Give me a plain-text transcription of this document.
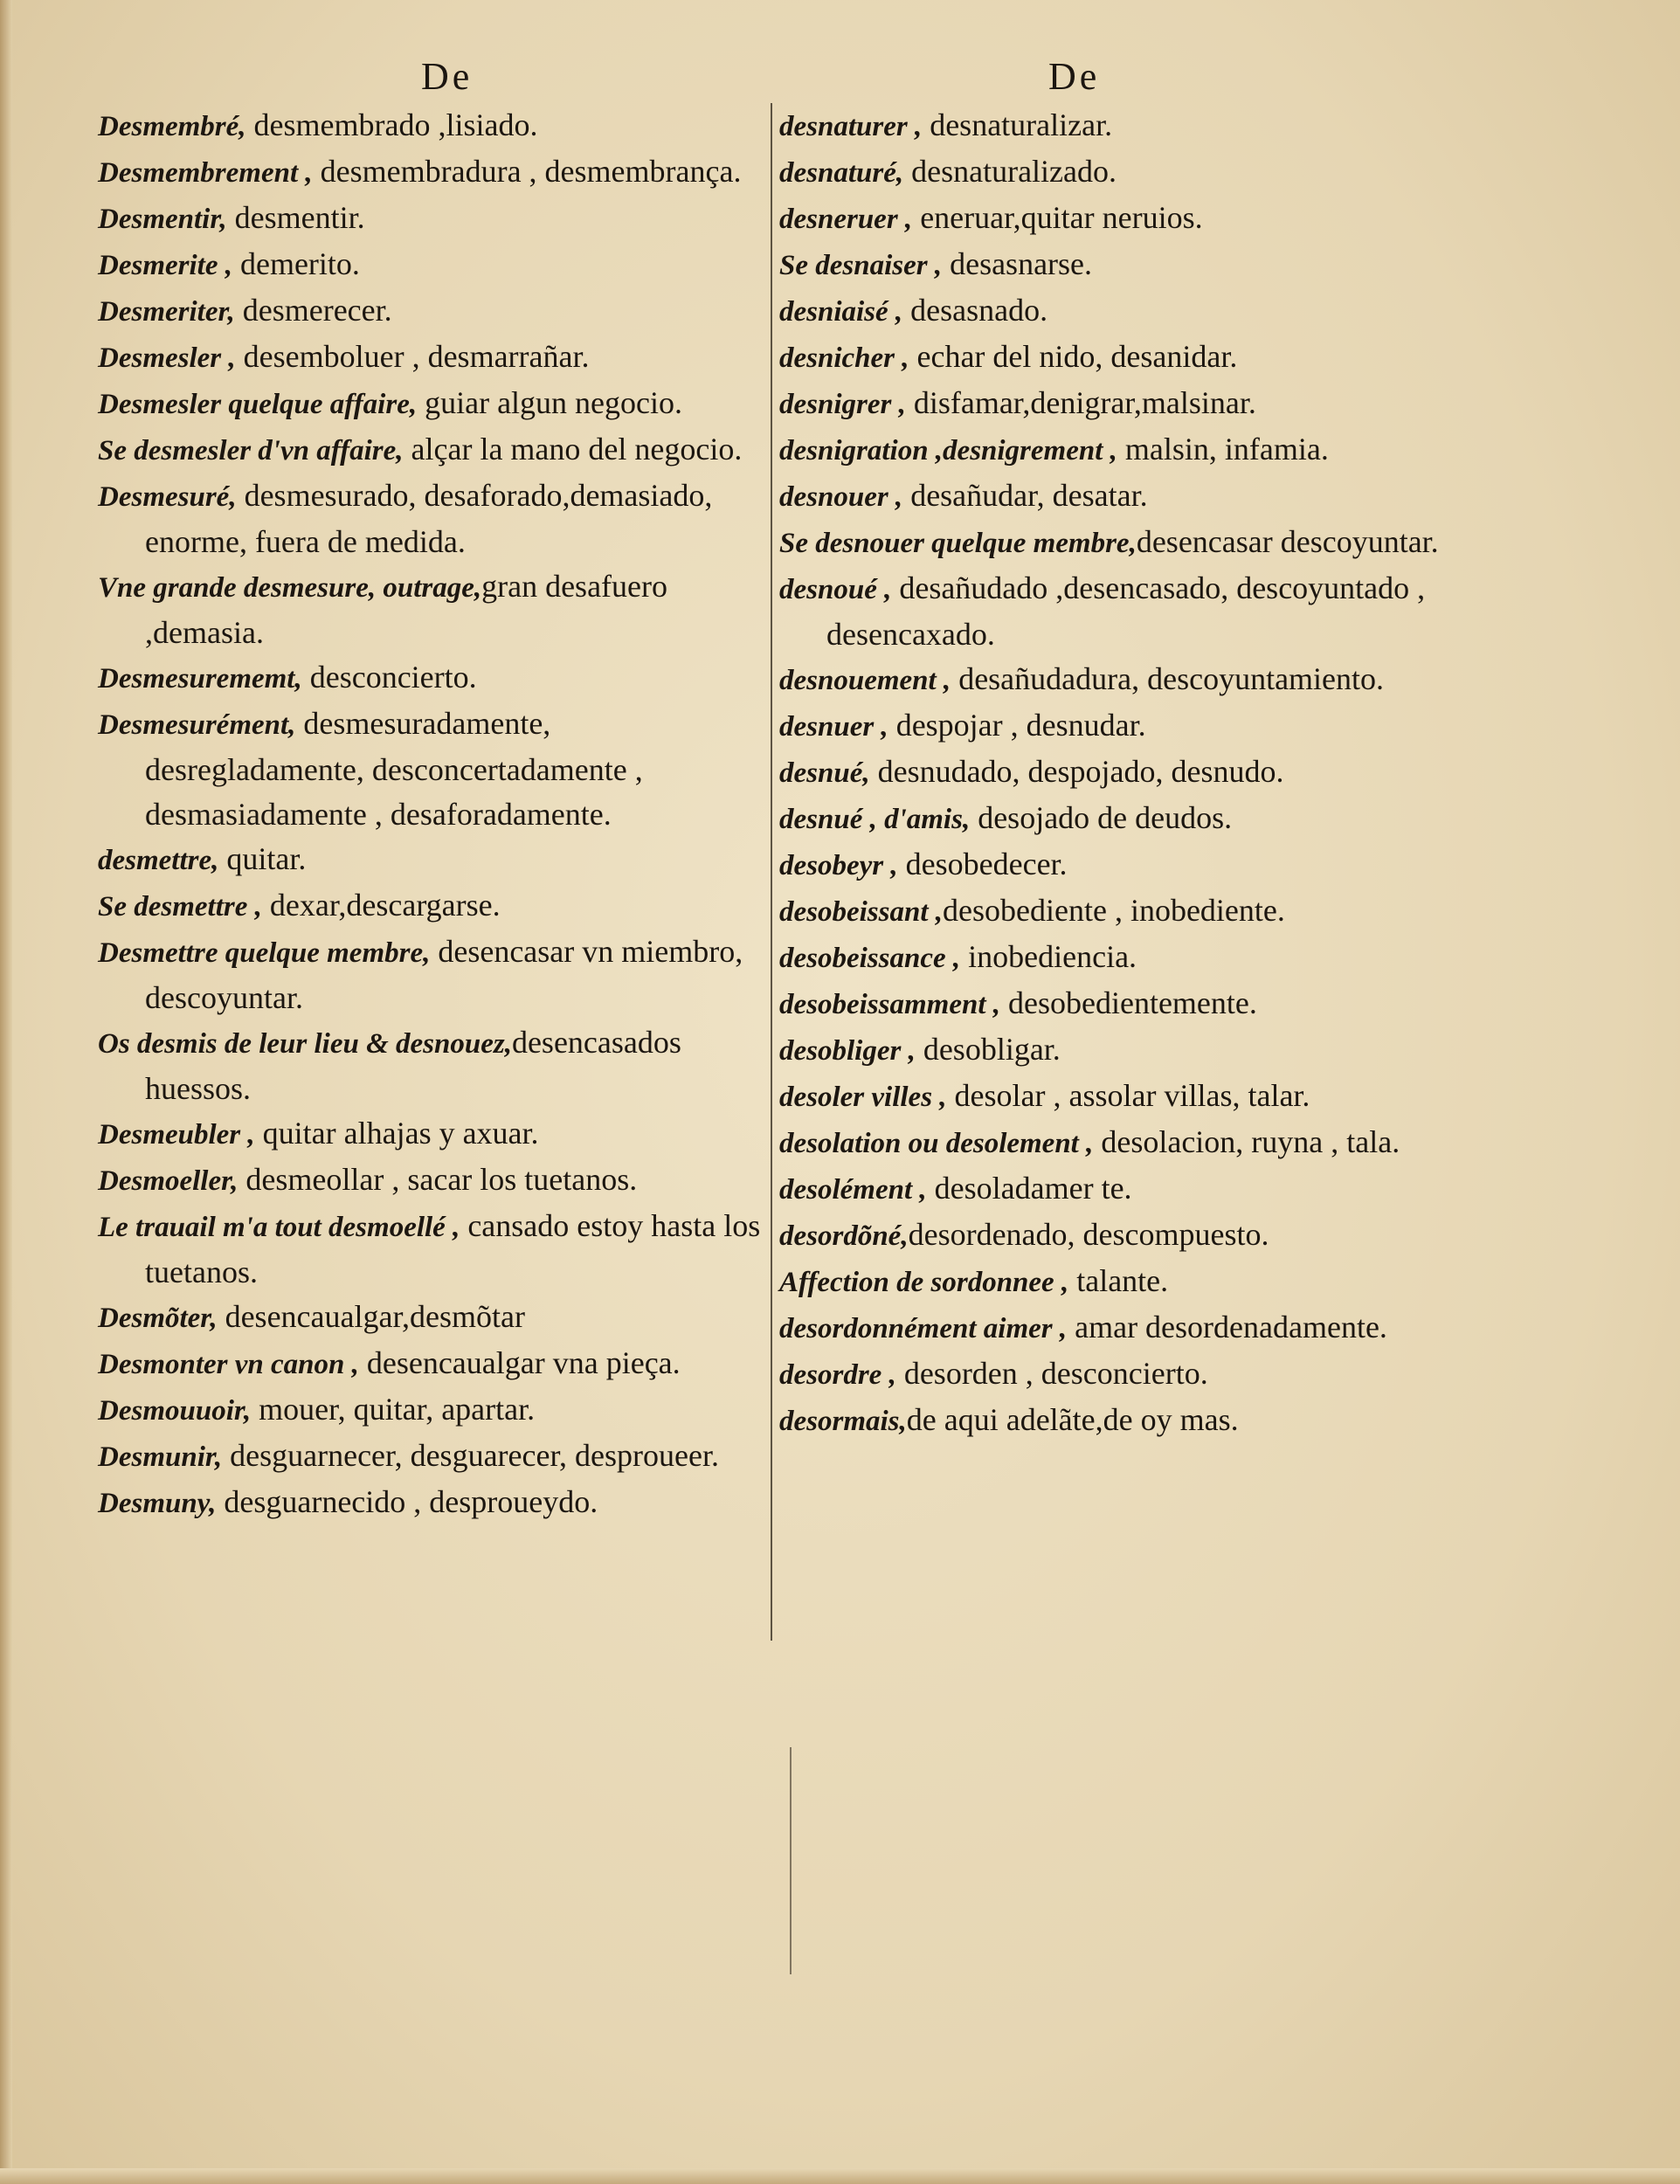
De	De
Desmembré, desmembrado ,lisiado.
Desmembrement , desmembradura , desmembrança.
Desmentir, desmentir.
Desmerite , demerito.
Desmeriter, desmerecer.
Desmesler , desemboluer , desmarrañar.
Desmesler quelque affaire, guiar algun negocio.
Se desmesler d'vn affaire, alçar la mano del negocio.
Desmesuré, desmesurado, desaforado,demasiado, enorme, fuera de medida.
Vne grande desmesure, outrage,gran desafuero ,demasia.
Desmesurememt, desconcierto.
Desmesurément, desmesuradamente, desregladamente, desconcertadamente , desmasiadamente , desaforadamente.
desmettre, quitar.
Se desmettre , dexar,descargarse.
Desmettre quelque membre, desencasar vn miembro, descoyuntar.
Os desmis de leur lieu & desnouez,desencasados huessos.
Desmeubler , quitar alhajas y axuar.
Desmoeller, desmeollar , sacar los tuetanos.
Le trauail m'a tout desmoellé , cansado estoy hasta los tuetanos.
Desmõter, desencaualgar,desmõtar
Desmonter vn canon , desencaualgar vna pieça.
Desmouuoir, mouer, quitar, apartar.
Desmunir, desguarnecer, desguarecer, desproueer.
Desmuny, desguarnecido , desproueydo.
desnaturer , desnaturalizar.
desnaturé, desnaturalizado.
desneruer , eneruar,quitar neruios.
Se desnaiser , desasnarse.
desniaisé , desasnado.
desnicher , echar del nido, desanidar.
desnigrer , disfamar,denigrar,malsinar.
desnigration ,desnigrement , malsin, infamia.
desnouer , desañudar, desatar.
Se desnouer quelque membre,desencasar descoyuntar.
desnoué , desañudado ,desencasado, descoyuntado , desencaxado.
desnouement , desañudadura, descoyuntamiento.
desnuer , despojar , desnudar.
desnué, desnudado, despojado, desnudo.
desnué , d'amis, desojado de deudos.
desobeyr , desobedecer.
desobeissant ,desobediente , inobediente.
desobeissance , inobediencia.
desobeissamment , desobedientemente.
desobliger , desobligar.
desoler villes , desolar , assolar villas, talar.
desolation ou desolement , desolacion, ruyna , tala.
desolément , desoladamer te.
desordõné,desordenado, descompuesto.
Affection de sordonnee , talante.
desordonnément aimer , amar desordenadamente.
desordre , desorden , desconcierto.
desormais,de aqui adelãte,de oy mas.
